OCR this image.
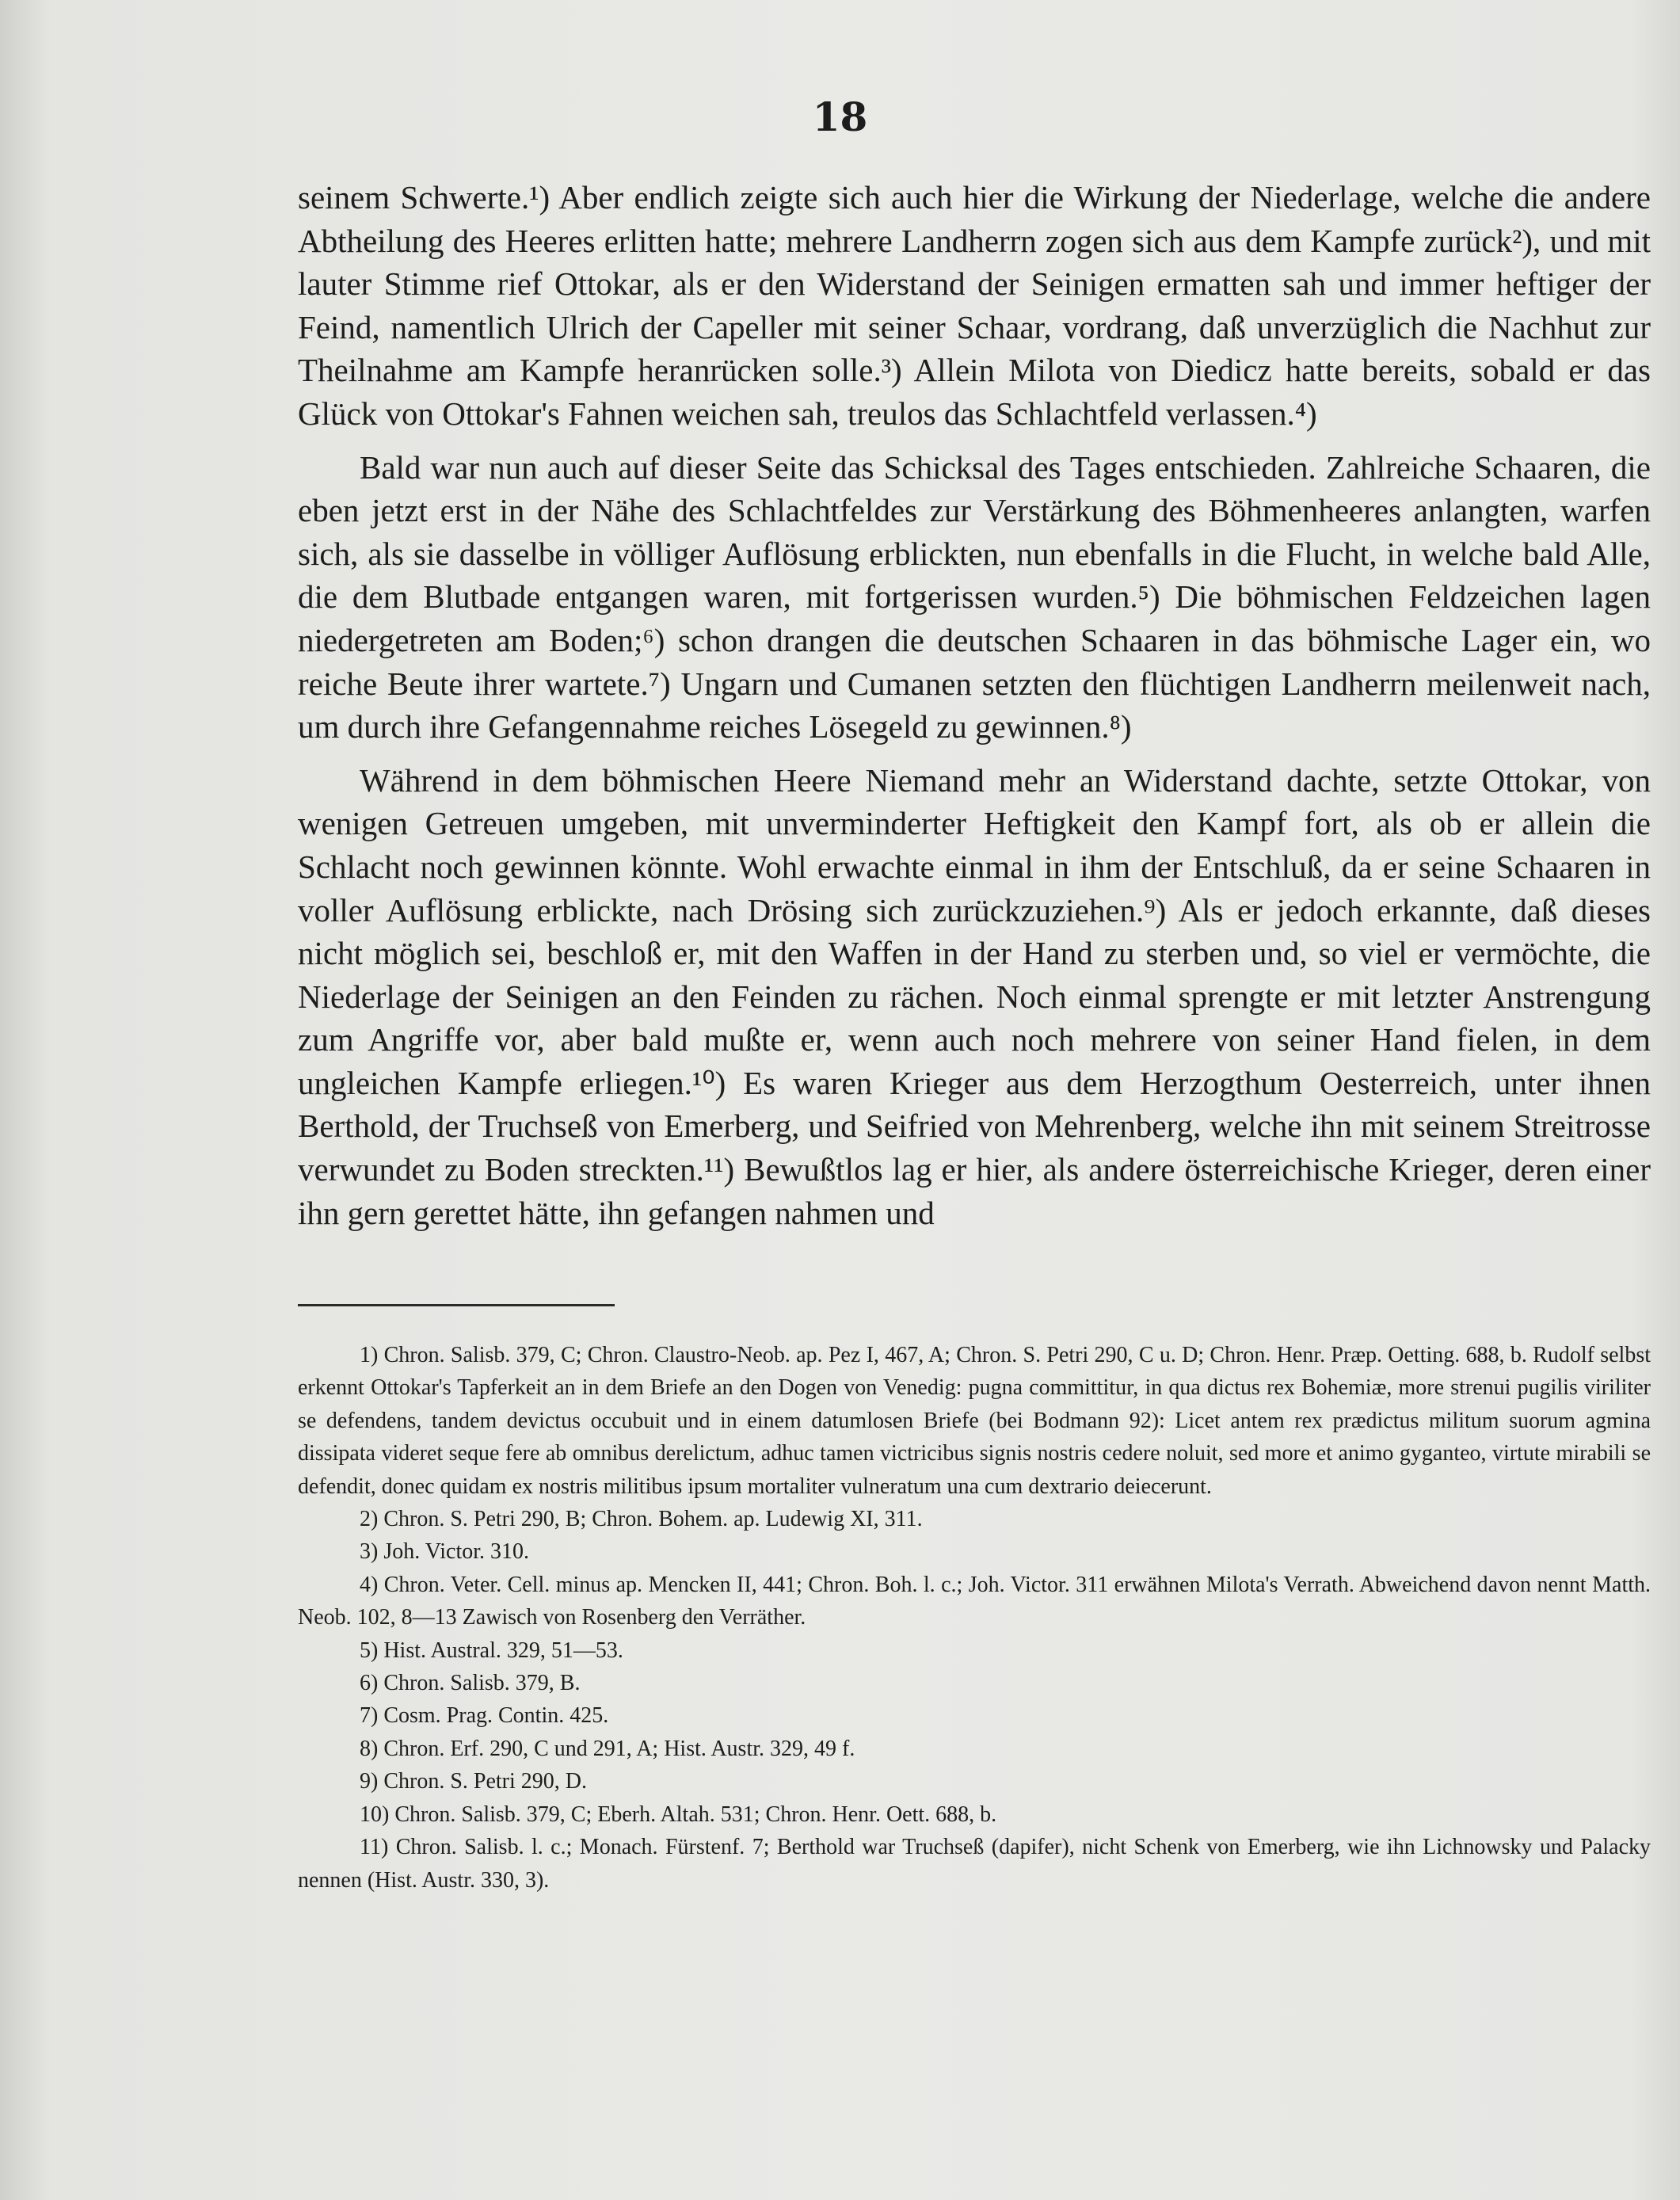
18

seinem Schwerte.¹) Aber endlich zeigte sich auch hier die Wirkung der Niederlage, welche die andere Abtheilung des Heeres erlitten hatte; mehrere Landherrn zogen sich aus dem Kampfe zurück²), und mit lauter Stimme rief Ottokar, als er den Widerstand der Seinigen ermatten sah und immer heftiger der Feind, namentlich Ulrich der Capeller mit seiner Schaar, vordrang, daß unverzüglich die Nachhut zur Theilnahme am Kampfe heranrücken solle.³) Allein Milota von Diedicz hatte bereits, sobald er das Glück von Ottokar's Fahnen weichen sah, treulos das Schlachtfeld verlassen.⁴)

Bald war nun auch auf dieser Seite das Schicksal des Tages entschieden. Zahlreiche Schaaren, die eben jetzt erst in der Nähe des Schlachtfeldes zur Verstärkung des Böhmenheeres anlangten, warfen sich, als sie dasselbe in völliger Auflösung erblickten, nun ebenfalls in die Flucht, in welche bald Alle, die dem Blutbade entgangen waren, mit fortgerissen wurden.⁵) Die böhmischen Feldzeichen lagen niedergetreten am Boden;⁶) schon drangen die deutschen Schaaren in das böhmische Lager ein, wo reiche Beute ihrer wartete.⁷) Ungarn und Cumanen setzten den flüchtigen Landherrn meilenweit nach, um durch ihre Gefangennahme reiches Lösegeld zu gewinnen.⁸)

Während in dem böhmischen Heere Niemand mehr an Widerstand dachte, setzte Ottokar, von wenigen Getreuen umgeben, mit unverminderter Heftigkeit den Kampf fort, als ob er allein die Schlacht noch gewinnen könnte. Wohl erwachte einmal in ihm der Entschluß, da er seine Schaaren in voller Auflösung erblickte, nach Drösing sich zurückzuziehen.⁹) Als er jedoch erkannte, daß dieses nicht möglich sei, beschloß er, mit den Waffen in der Hand zu sterben und, so viel er vermöchte, die Niederlage der Seinigen an den Feinden zu rächen. Noch einmal sprengte er mit letzter Anstrengung zum Angriffe vor, aber bald mußte er, wenn auch noch mehrere von seiner Hand fielen, in dem ungleichen Kampfe erliegen.¹⁰) Es waren Krieger aus dem Herzogthum Oesterreich, unter ihnen Berthold, der Truchseß von Emerberg, und Seifried von Mehrenberg, welche ihn mit seinem Streitrosse verwundet zu Boden streckten.¹¹) Bewußtlos lag er hier, als andere österreichische Krieger, deren einer ihn gern gerettet hätte, ihn gefangen nahmen und

1) Chron. Salisb. 379, C; Chron. Claustro-Neob. ap. Pez I, 467, A; Chron. S. Petri 290, C u. D; Chron. Henr. Præp. Oetting. 688, b. Rudolf selbst erkennt Ottokar's Tapferkeit an in dem Briefe an den Dogen von Venedig: pugna committitur, in qua dictus rex Bohemiæ, more strenui pugilis viriliter se defendens, tandem devictus occubuit und in einem datumlosen Briefe (bei Bodmann 92): Licet antem rex prædictus militum suorum agmina dissipata videret seque fere ab omnibus derelictum, adhuc tamen victricibus signis nostris cedere noluit, sed more et animo gyganteo, virtute mirabili se defendit, donec quidam ex nostris militibus ipsum mortaliter vulneratum una cum dextrario deiecerunt.

2) Chron. S. Petri 290, B; Chron. Bohem. ap. Ludewig XI, 311.

3) Joh. Victor. 310.

4) Chron. Veter. Cell. minus ap. Mencken II, 441; Chron. Boh. l. c.; Joh. Victor. 311 erwähnen Milota's Verrath. Abweichend davon nennt Matth. Neob. 102, 8—13 Zawisch von Rosenberg den Verräther.

5) Hist. Austral. 329, 51—53.

6) Chron. Salisb. 379, B.

7) Cosm. Prag. Contin. 425.

8) Chron. Erf. 290, C und 291, A; Hist. Austr. 329, 49 f.

9) Chron. S. Petri 290, D.

10) Chron. Salisb. 379, C; Eberh. Altah. 531; Chron. Henr. Oett. 688, b.

11) Chron. Salisb. l. c.; Monach. Fürstenf. 7; Berthold war Truchseß (dapifer), nicht Schenk von Emerberg, wie ihn Lichnowsky und Palacky nennen (Hist. Austr. 330, 3).
